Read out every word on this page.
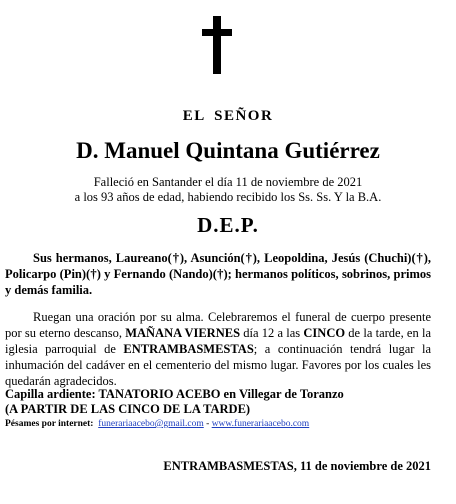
EL SEÑOR
D. Manuel Quintana Gutiérrez
Falleció en Santander el día 11 de noviembre de 2021
a los 93 años de edad, habiendo recibido los Ss. Ss. Y la B.A.
D.E.P.
Sus hermanos, Laureano(†), Asunción(†), Leopoldina, Jesús (Chuchi)(†), Policarpo (Pin)(†) y Fernando (Nando)(†); hermanos políticos, sobrinos, primos y demás familia.
Ruegan una oración por su alma. Celebraremos el funeral de cuerpo presente por su eterno descanso, MAÑANA VIERNES día 12 a las CINCO de la tarde, en la iglesia parroquial de ENTRAMBASMESTAS; a continuación tendrá lugar la inhumación del cadáver en el cementerio del mismo lugar. Favores por los cuales les quedarán agradecidos.
Capilla ardiente: TANATORIO ACEBO en Villegar de Toranzo
(A PARTIR DE LAS CINCO DE LA TARDE)
Pésames por internet: funerariaacebo@gmail.com - www.funerariaacebo.com
ENTRAMBASMESTAS, 11 de noviembre de 2021
